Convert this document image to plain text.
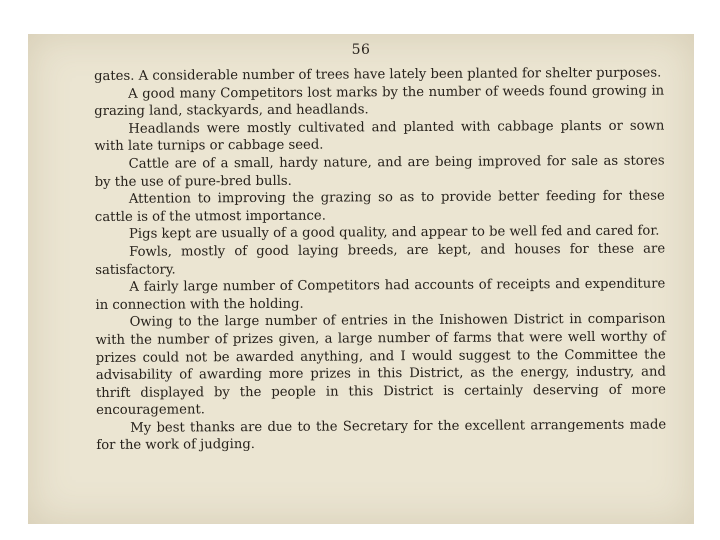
56

gates. A considerable number of trees have lately been planted for shelter purposes.

A good many Competitors lost marks by the number of weeds found growing in grazing land, stackyards, and headlands.

Headlands were mostly cultivated and planted with cabbage plants or sown with late turnips or cabbage seed.

Cattle are of a small, hardy nature, and are being improved for sale as stores by the use of pure-bred bulls.

Attention to improving the grazing so as to provide better feeding for these cattle is of the utmost importance.

Pigs kept are usually of a good quality, and appear to be well fed and cared for.

Fowls, mostly of good laying breeds, are kept, and houses for these are satisfactory.

A fairly large number of Competitors had accounts of receipts and expenditure in connection with the holding.

Owing to the large number of entries in the Inishowen District in comparison with the number of prizes given, a large number of farms that were well worthy of prizes could not be awarded anything, and I would suggest to the Committee the advisability of awarding more prizes in this District, as the energy, industry, and thrift displayed by the people in this District is certainly deserving of more encouragement.

My best thanks are due to the Secretary for the excellent arrangements made for the work of judging.
